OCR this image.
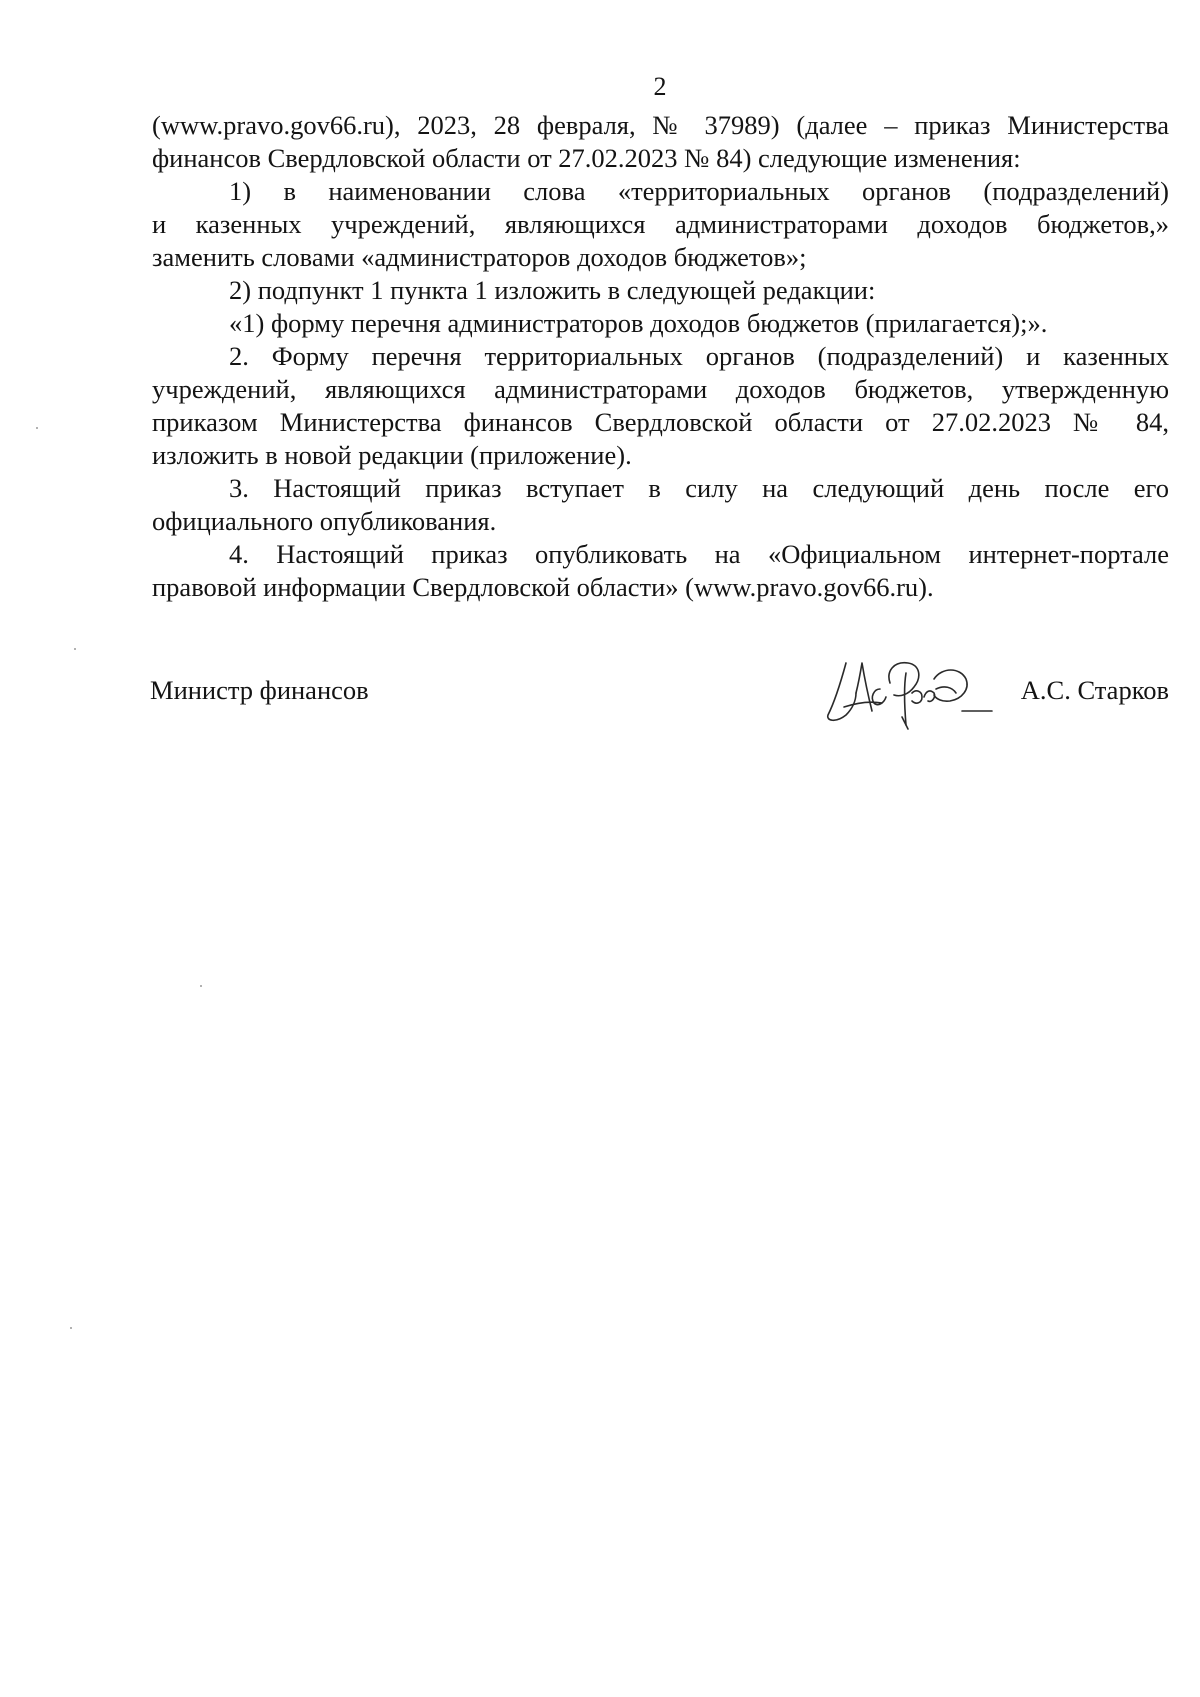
2
(www.pravo.gov66.ru), 2023, 28 февраля, № 37989) (далее – приказ Министерства
финансов Свердловской области от 27.02.2023 № 84) следующие изменения:
1) в наименовании слова «территориальных органов (подразделений)
и казенных учреждений, являющихся администраторами доходов бюджетов,»
заменить словами «администраторов доходов бюджетов»;
2) подпункт 1 пункта 1 изложить в следующей редакции:
«1) форму перечня администраторов доходов бюджетов (прилагается);».
2. Форму перечня территориальных органов (подразделений) и казенных
учреждений, являющихся администраторами доходов бюджетов, утвержденную
приказом Министерства финансов Свердловской области от 27.02.2023 № 84,
изложить в новой редакции (приложение).
3. Настоящий приказ вступает в силу на следующий день после его
официального опубликования.
4. Настоящий приказ опубликовать на «Официальном интернет-портале
правовой информации Свердловской области» (www.pravo.gov66.ru).
Министр финансов	А.С. Старков
